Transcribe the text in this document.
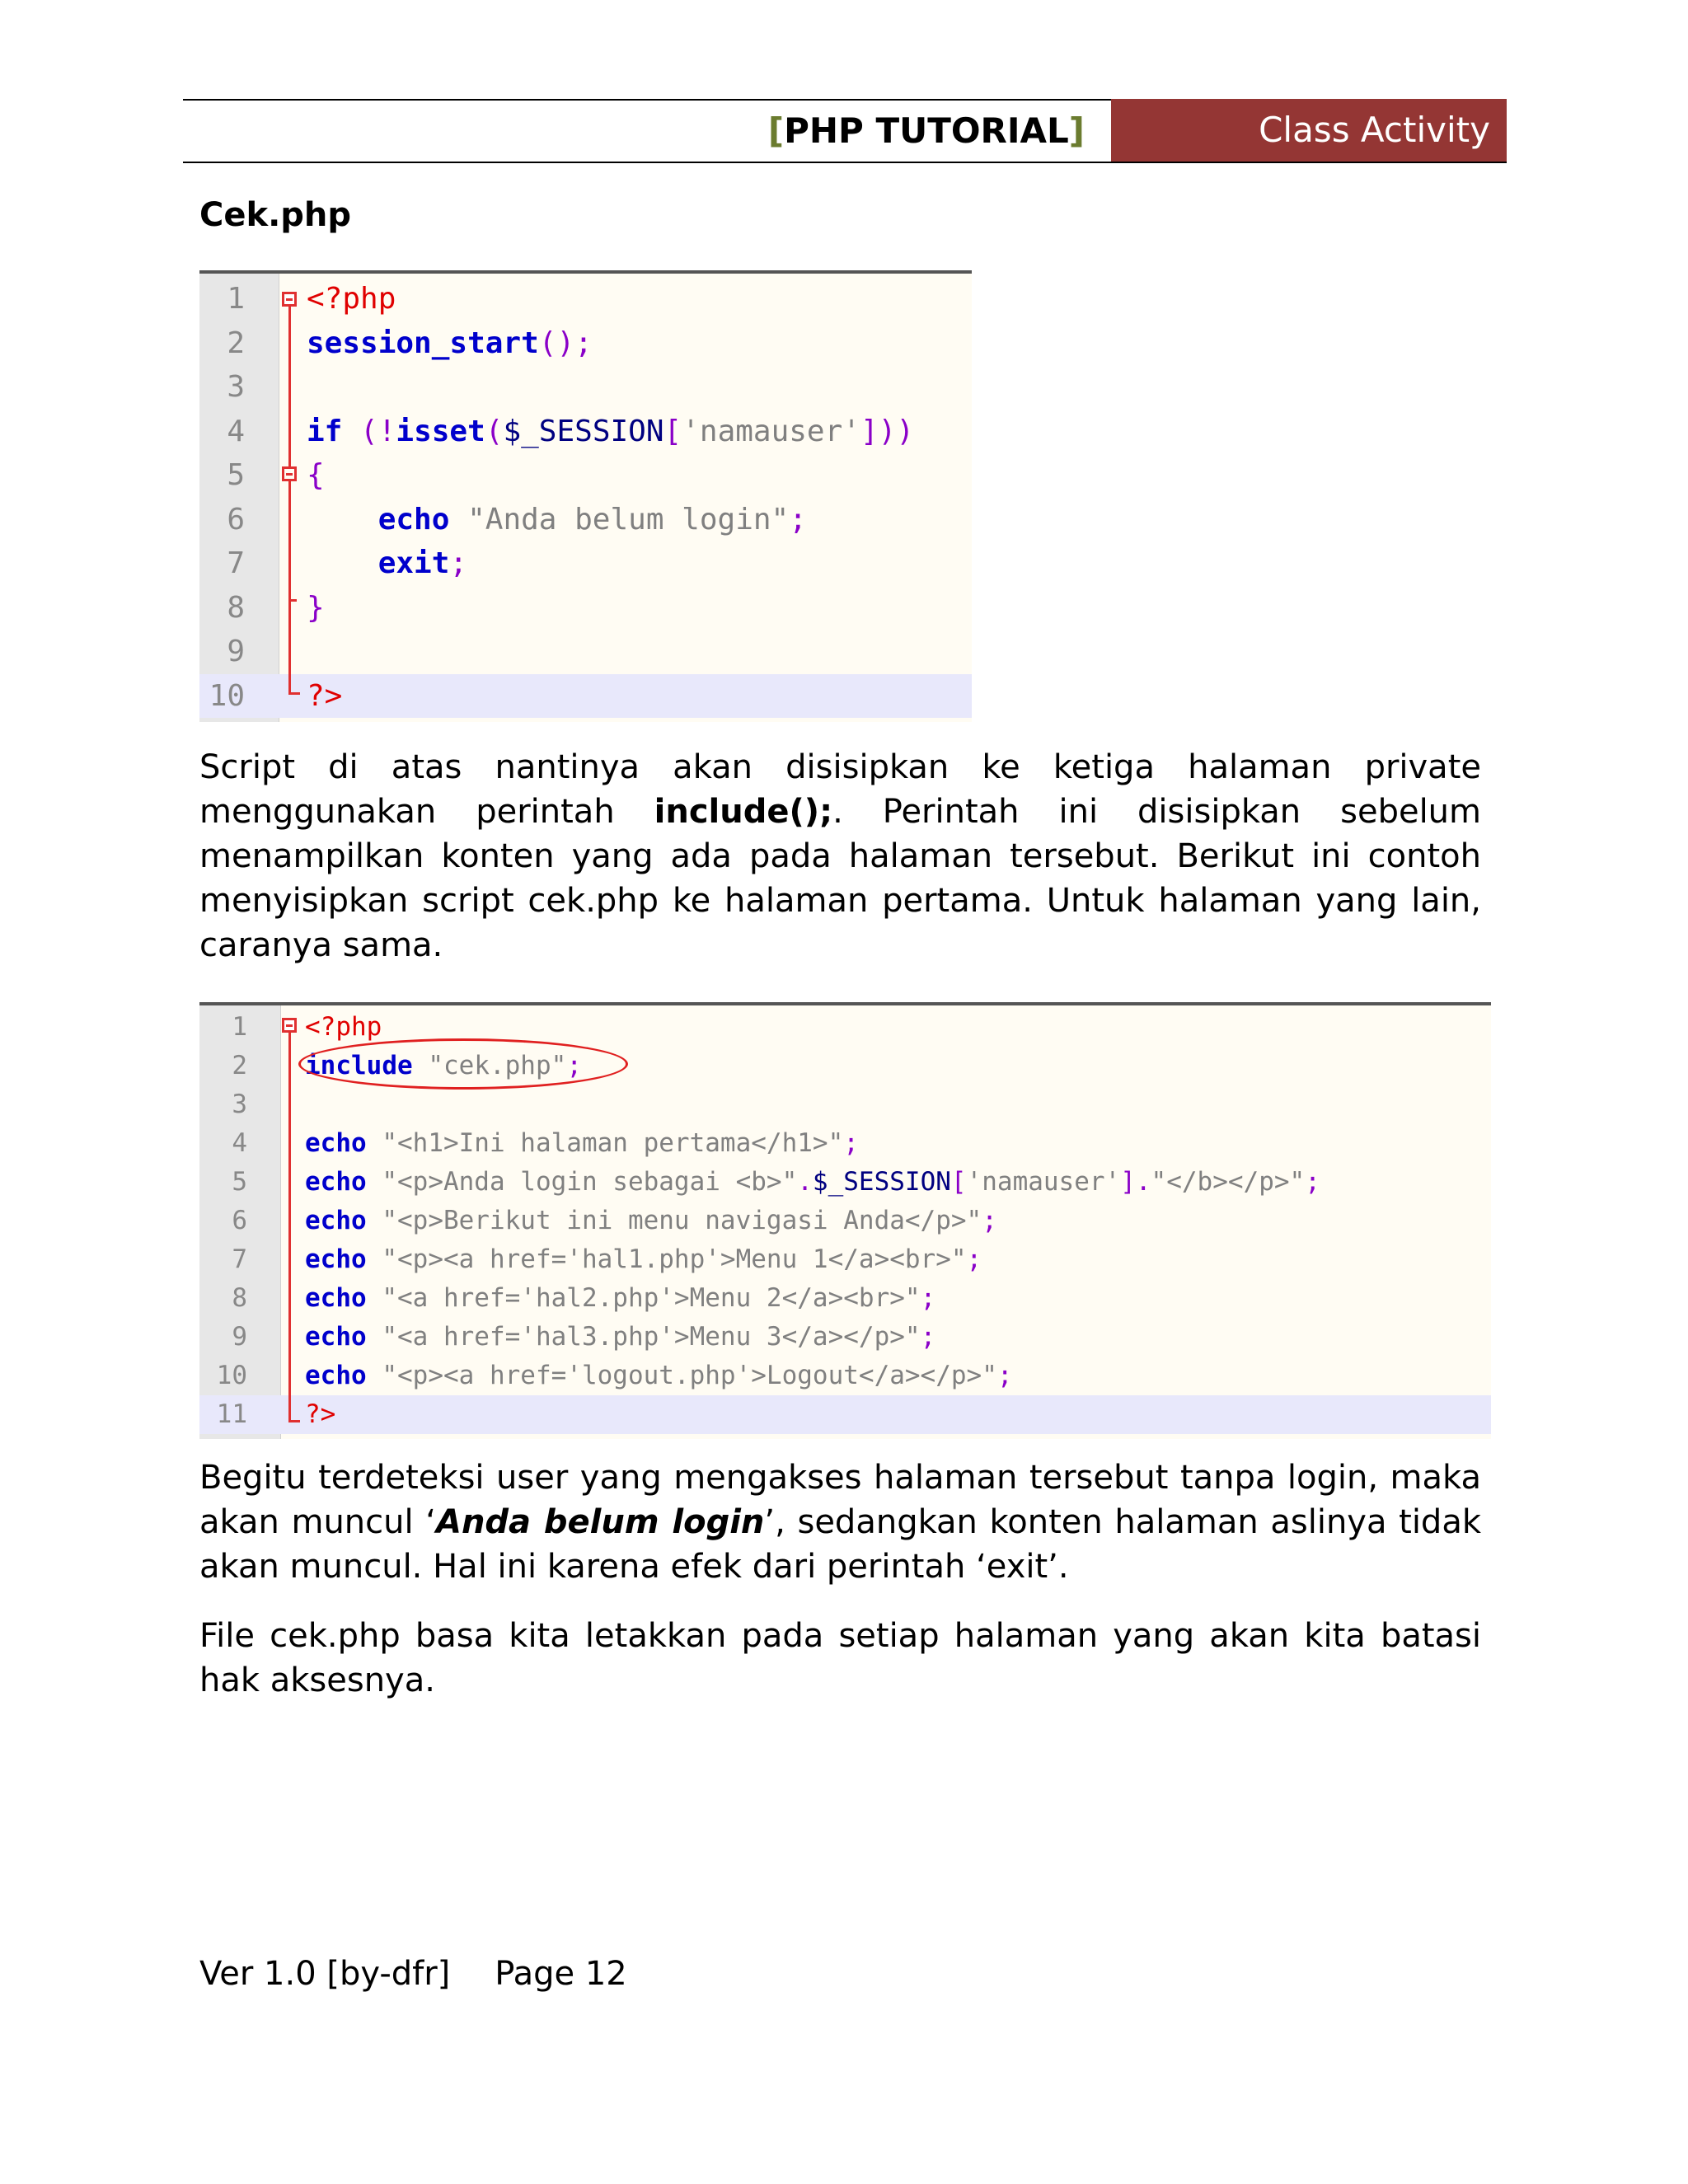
[PHP TUTORIAL]	Class Activity
Cek.php
1 <?php
2 session_start();
3
4 if (!isset($_SESSION['namauser']))
5 {
6	echo "Anda belum login";
7	exit;
8 }
9
10 ?>
Script di atas nantinya akan disisipkan ke ketiga halaman private menggunakan perintah include();. Perintah ini disisipkan sebelum menampilkan konten yang ada pada halaman tersebut. Berikut ini contoh menyisipkan script cek.php ke halaman pertama. Untuk halaman yang lain, caranya sama.
1 <?php
2 include "cek.php";
3
4 echo "<h1>Ini halaman pertama</h1>";
5 echo "<p>Anda login sebagai <b>".$_SESSION['namauser']."</b></p>";
6 echo "<p>Berikut ini menu navigasi Anda</p>";
7 echo "<p><a href='hal1.php'>Menu 1</a><br>";
8 echo "<a href='hal2.php'>Menu 2</a><br>";
9 echo "<a href='hal3.php'>Menu 3</a></p>";
10 echo "<p><a href='logout.php'>Logout</a></p>";
11 ?>
Begitu terdeteksi user yang mengakses halaman tersebut tanpa login, maka akan muncul ‘Anda belum login’, sedangkan konten halaman aslinya tidak akan muncul. Hal ini karena efek dari perintah ‘exit’.
File cek.php basa kita letakkan pada setiap halaman yang akan kita batasi hak aksesnya.
Ver 1.0 [by-dfr] Page 12
